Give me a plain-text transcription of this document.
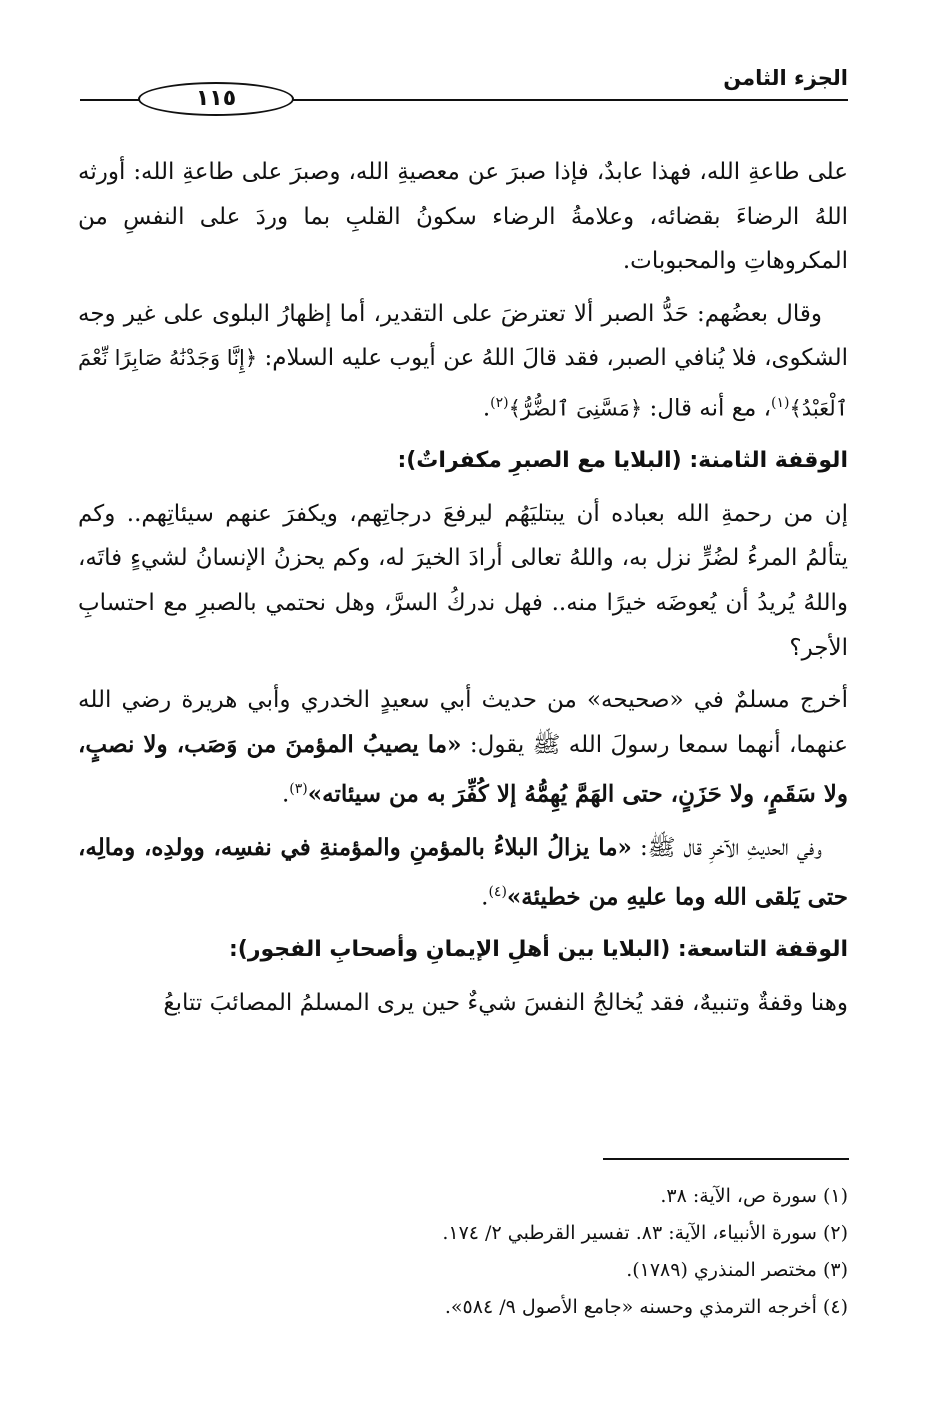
الجزء الثامن
١١٥

على طاعةِ الله، فهذا عابدٌ، فإذا صبرَ عن معصيةِ الله، وصبرَ على طاعةِ الله: أورثه اللهُ الرضاءَ بقضائه، وعلامةُ الرضاء سكونُ القلبِ بما وردَ على النفسِ من المكروهاتِ والمحبوبات.

وقال بعضُهم: حَدُّ الصبر ألا تعترضَ على التقدير، أما إظهارُ البلوى على غير وجه الشكوى، فلا يُنافي الصبر، فقد قالَ اللهُ عن أيوب عليه السلام: ﴿إِنَّا وَجَدْنَٰهُ صَابِرًا نِّعْمَ ٱلْعَبْدُ﴾$^{(١)}$، مع أنه قال: ﴿مَسَّنِىَ ٱلضُّرُّ﴾$^{(٢)}$.

الوقفة الثامنة: (البلايا مع الصبرِ مكفراتٌ):

إن من رحمةِ الله بعباده أن يبتليَهُم ليرفعَ درجاتِهم، ويكفرَ عنهم سيئاتِهم.. وكم يتألمُ المرءُ لضُرٍّ نزل به، واللهُ تعالى أرادَ الخيرَ له، وكم يحزنُ الإنسانُ لشيءٍ فاتَه، واللهُ يُريدُ أن يُعوضَه خيرًا منه.. فهل ندركُ السرَّ، وهل نحتمي بالصبرِ مع احتسابِ الأجر؟

أخرج مسلمٌ في «صحيحه» من حديث أبي سعيدٍ الخدري وأبي هريرة رضي الله عنهما، أنهما سمعا رسولَ الله ﷺ يقول: «ما يصيبُ المؤمنَ من وَصَب، ولا نصبٍ، ولا سَقَمٍ، ولا حَزَنٍ، حتى الهَمَّ يُهِمُّهُ إلا كُفِّرَ به من سيئاته»$^{(٣)}$.

وفي الحديثِ الآخرِ قال ﷺ: «ما يزالُ البلاءُ بالمؤمنِ والمؤمنةِ في نفسِه، وولدِه، ومالِه، حتى يَلقى الله وما عليهِ من خطيئة»$^{(٤)}$.

الوقفة التاسعة: (البلايا بين أهلِ الإيمانِ وأصحابِ الفجور):

وهنا وقفةٌ وتنبيهٌ، فقد يُخالجُ النفسَ شيءٌ حين يرى المسلمُ المصائبَ تتابعُ

(١) سورة ص، الآية: ٣٨.
(٢) سورة الأنبياء، الآية: ٨٣. تفسير القرطبي ٢/ ١٧٤.
(٣) مختصر المنذري (١٧٨٩).
(٤) أخرجه الترمذي وحسنه «جامع الأصول ٩/ ٥٨٤».
